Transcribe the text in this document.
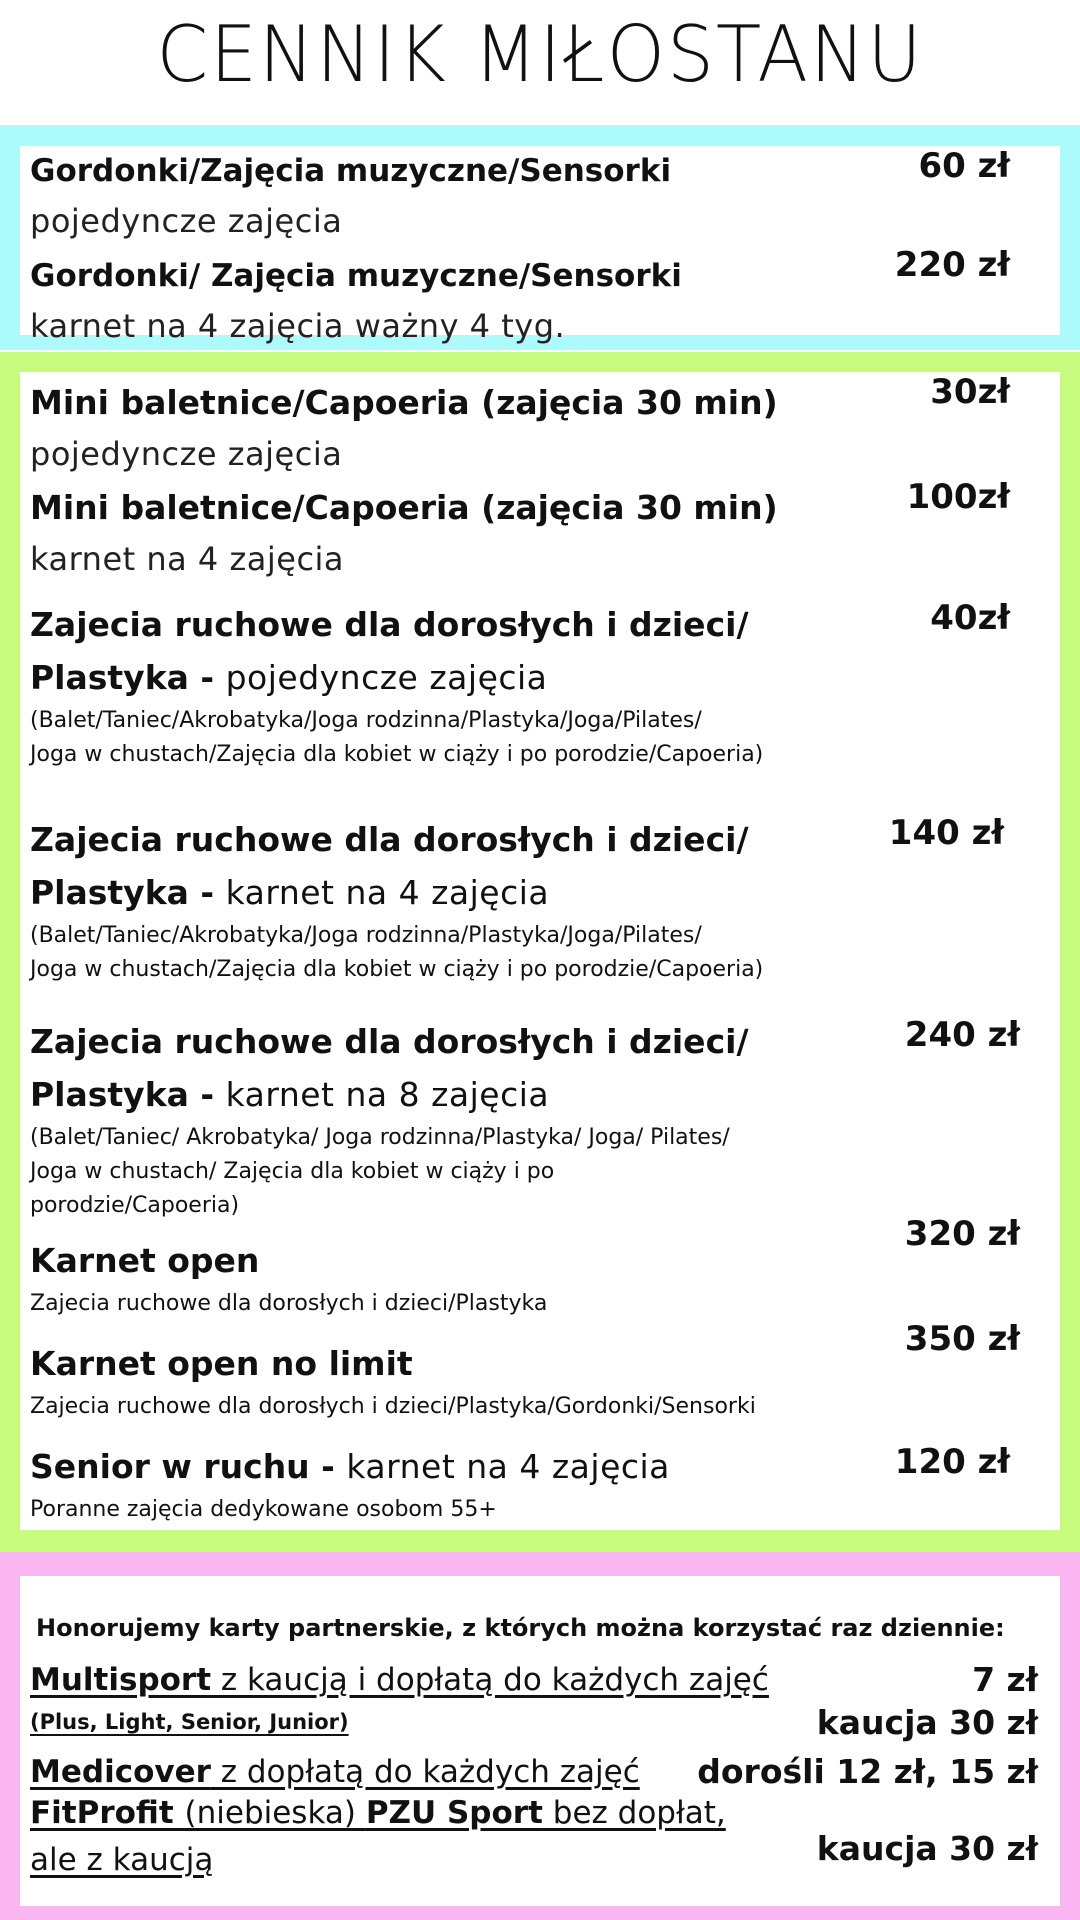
CENNIK MIŁOSTANU
Gordonki/Zajęcia muzyczne/Sensorki
pojedyncze zajęcia
60 zł
Gordonki/ Zajęcia muzyczne/Sensorki
karnet na 4 zajęcia ważny 4 tyg.
220 zł
Mini baletnice/Capoeria (zajęcia 30 min)
pojedyncze zajęcia
30zł
Mini baletnice/Capoeria (zajęcia 30 min)
karnet na 4 zajęcia
100zł
Zajecia ruchowe dla dorosłych i dzieci/
Plastyka - pojedyncze zajęcia
(Balet/Taniec/Akrobatyka/Joga rodzinna/Plastyka/Joga/Pilates/
Joga w chustach/Zajęcia dla kobiet w ciąży i po porodzie/Capoeria)
40zł
Zajecia ruchowe dla dorosłych i dzieci/
Plastyka - karnet na 4 zajęcia
(Balet/Taniec/Akrobatyka/Joga rodzinna/Plastyka/Joga/Pilates/
Joga w chustach/Zajęcia dla kobiet w ciąży i po porodzie/Capoeria)
140 zł
Zajecia ruchowe dla dorosłych i dzieci/
Plastyka - karnet na 8 zajęcia
(Balet/Taniec/ Akrobatyka/ Joga rodzinna/Plastyka/ Joga/ Pilates/
Joga w chustach/ Zajęcia dla kobiet w ciąży i po
porodzie/Capoeria)
240 zł
Karnet open
Zajecia ruchowe dla dorosłych i dzieci/Plastyka
320 zł
Karnet open no limit
Zajecia ruchowe dla dorosłych i dzieci/Plastyka/Gordonki/Sensorki
350 zł
Senior w ruchu - karnet na 4 zajęcia
Poranne zajęcia dedykowane osobom 55+
120 zł
Honorujemy karty partnerskie, z których można korzystać raz dziennie:
Multisport z kaucją i dopłatą do każdych zajęć
(Plus, Light, Senior, Junior)
7 zł
kaucja 30 zł
Medicover z dopłatą do każdych zajęć dorośli 12 zł, 15 zł
FitProfit (niebieska) PZU Sport bez dopłat,
ale z kaucją	kaucja 30 zł
